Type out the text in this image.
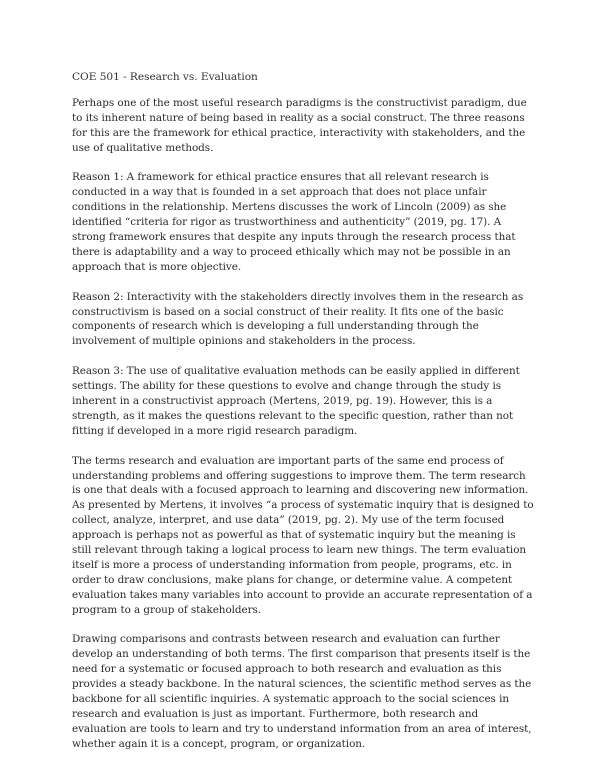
COE 501 - Research vs. Evaluation

Perhaps one of the most useful research paradigms is the constructivist paradigm, due to its inherent nature of being based in reality as a social construct. The three reasons for this are the framework for ethical practice, interactivity with stakeholders, and the use of qualitative methods.

Reason 1: A framework for ethical practice ensures that all relevant research is conducted in a way that is founded in a set approach that does not place unfair conditions in the relationship. Mertens discusses the work of Lincoln (2009) as she identified “criteria for rigor as trustworthiness and authenticity” (2019, pg. 17). A strong framework ensures that despite any inputs through the research process that there is adaptability and a way to proceed ethically which may not be possible in an approach that is more objective.

Reason 2: Interactivity with the stakeholders directly involves them in the research as constructivism is based on a social construct of their reality. It fits one of the basic components of research which is developing a full understanding through the involvement of multiple opinions and stakeholders in the process.

Reason 3: The use of qualitative evaluation methods can be easily applied in different settings. The ability for these questions to evolve and change through the study is inherent in a constructivist approach (Mertens, 2019, pg. 19). However, this is a strength, as it makes the questions relevant to the specific question, rather than not fitting if developed in a more rigid research paradigm.

The terms research and evaluation are important parts of the same end process of understanding problems and offering suggestions to improve them. The term research is one that deals with a focused approach to learning and discovering new information. As presented by Mertens, it involves “a process of systematic inquiry that is designed to collect, analyze, interpret, and use data” (2019, pg. 2). My use of the term focused approach is perhaps not as powerful as that of systematic inquiry but the meaning is still relevant through taking a logical process to learn new things. The term evaluation itself is more a process of understanding information from people, programs, etc. in order to draw conclusions, make plans for change, or determine value. A competent evaluation takes many variables into account to provide an accurate representation of a program to a group of stakeholders.

Drawing comparisons and contrasts between research and evaluation can further develop an understanding of both terms. The first comparison that presents itself is the need for a systematic or focused approach to both research and evaluation as this provides a steady backbone. In the natural sciences, the scientific method serves as the backbone for all scientific inquiries. A systematic approach to the social sciences in research and evaluation is just as important. Furthermore, both research and evaluation are tools to learn and try to understand information from an area of interest, whether again it is a concept, program, or organization.
